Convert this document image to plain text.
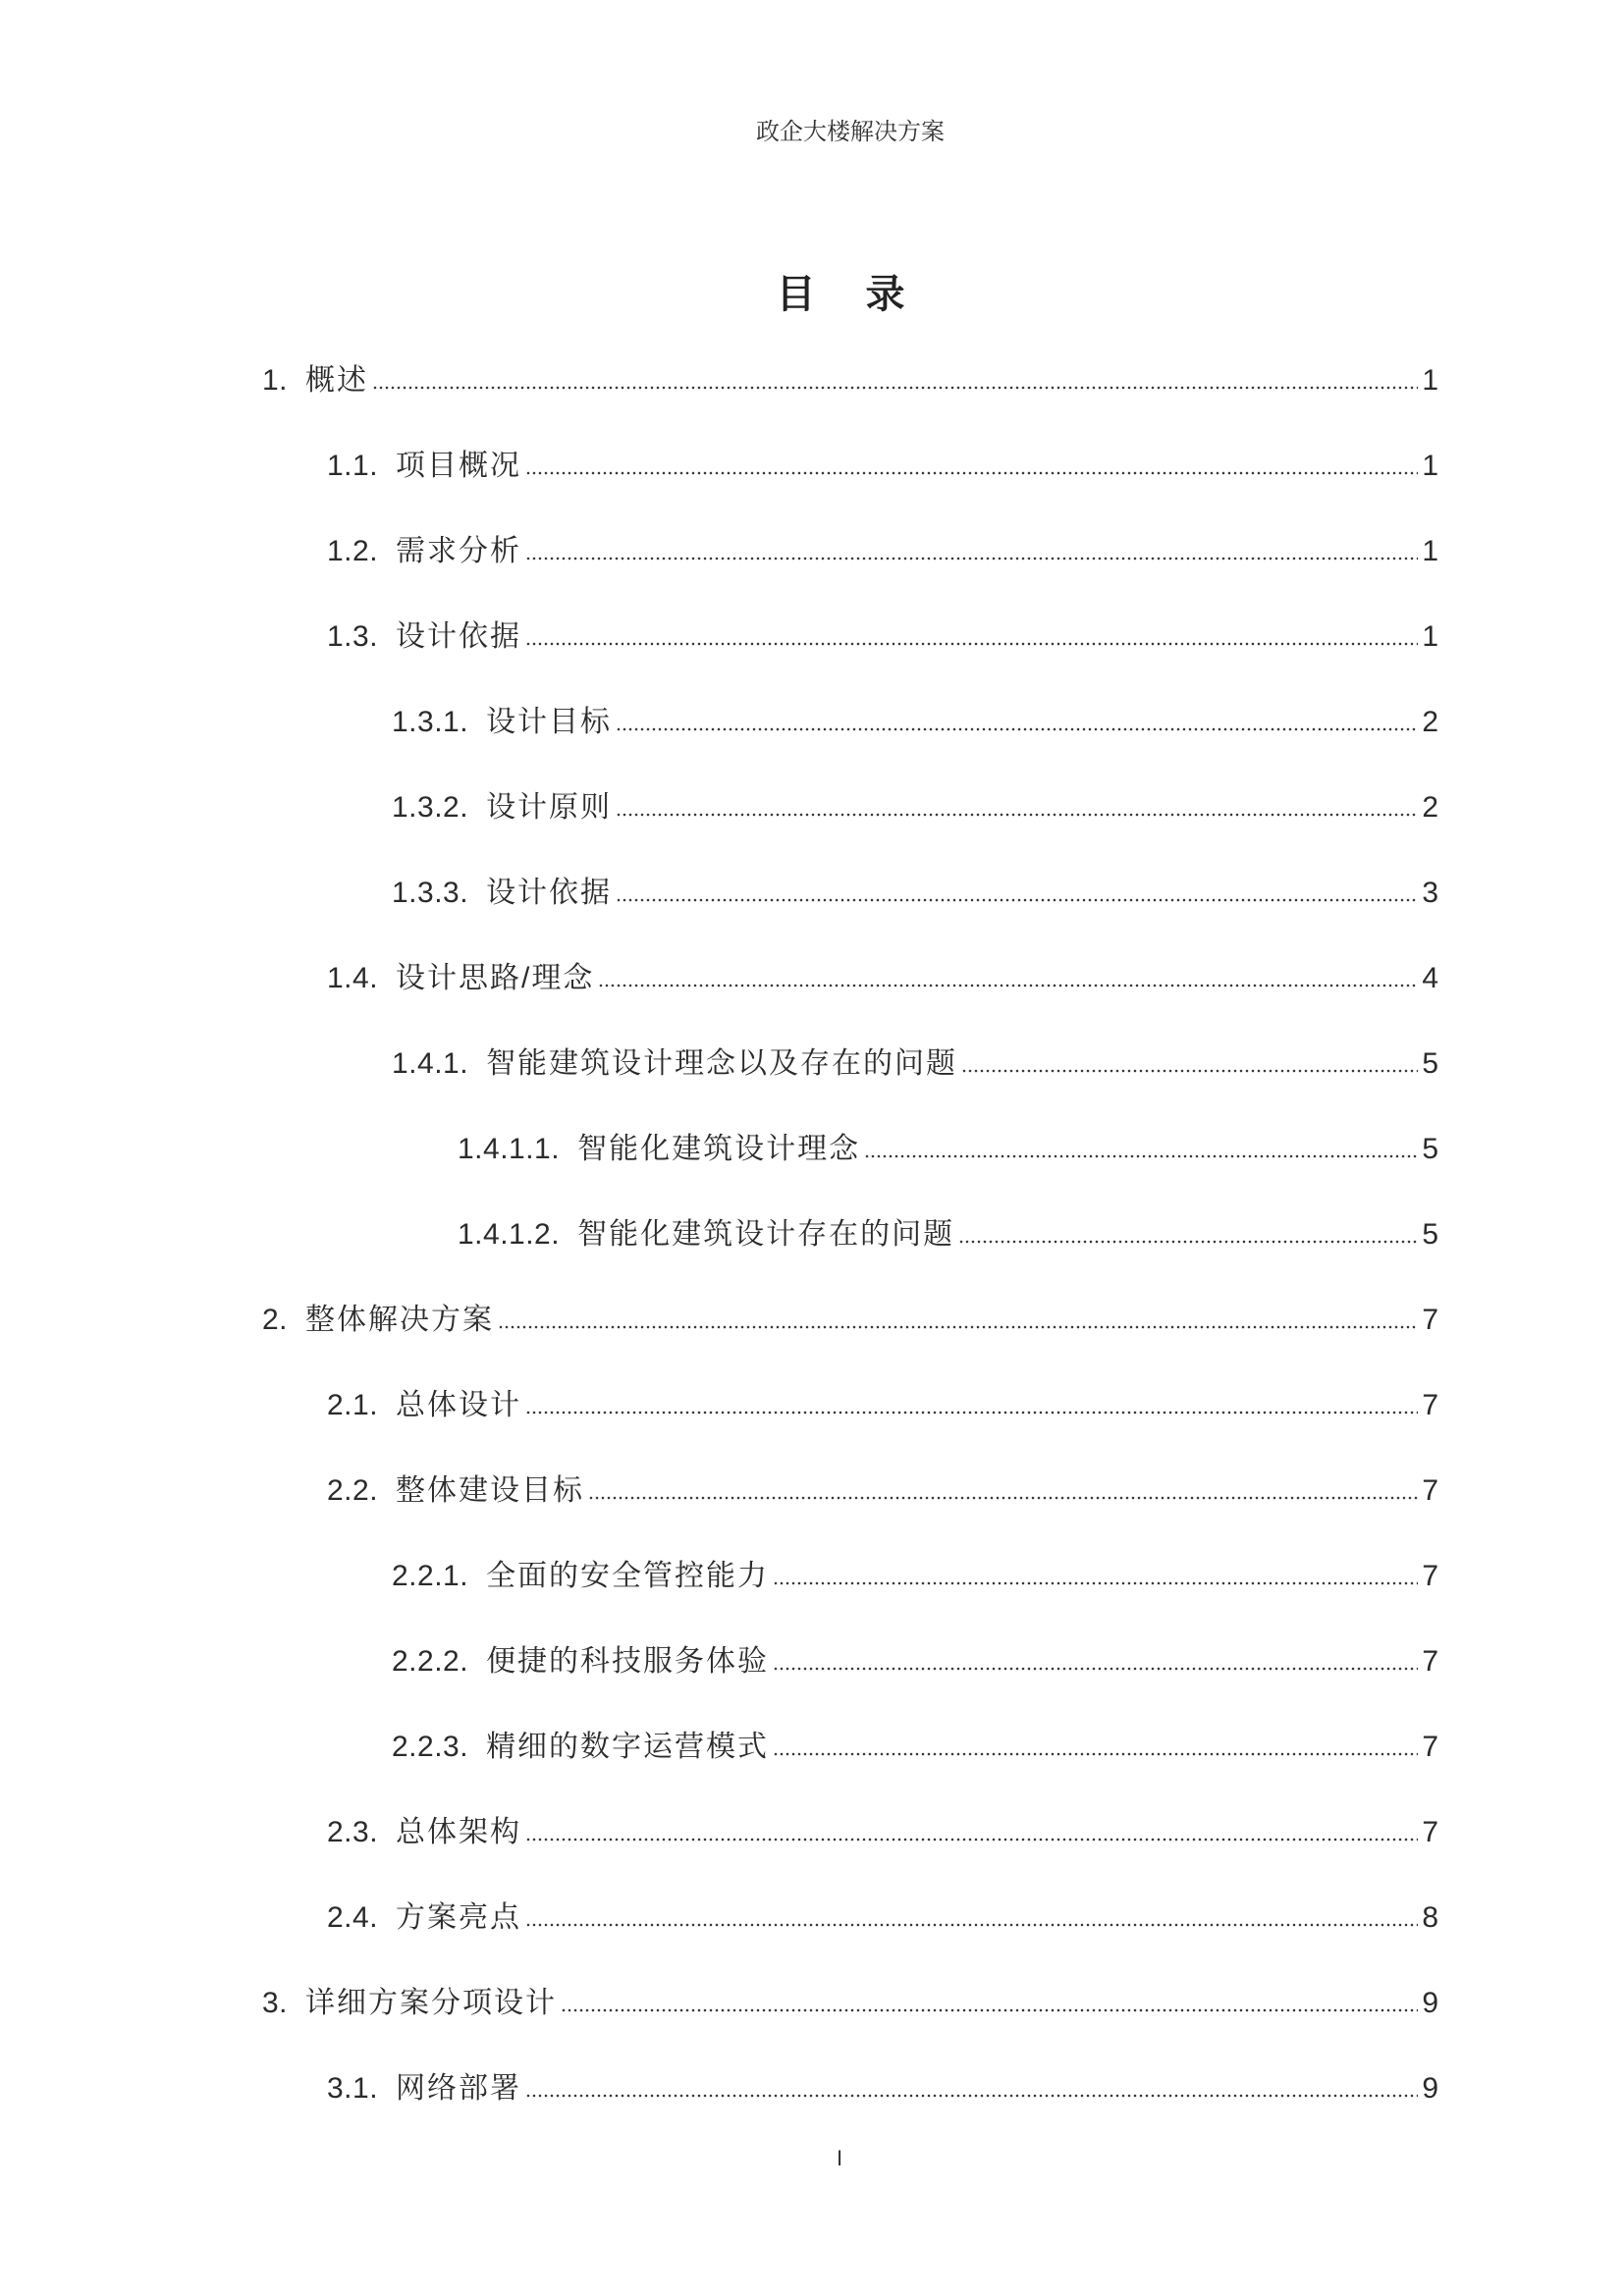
政企大楼解决方案
目 录
1. 概述	1
1.1. 项目概况	1
1.2. 需求分析	1
1.3. 设计依据	1
1.3.1. 设计目标	2
1.3.2. 设计原则	2
1.3.3. 设计依据	3
1.4. 设计思路/理念	4
1.4.1. 智能建筑设计理念以及存在的问题	5
1.4.1.1. 智能化建筑设计理念	5
1.4.1.2. 智能化建筑设计存在的问题	5
2. 整体解决方案	7
2.1. 总体设计	7
2.2. 整体建设目标	7
2.2.1. 全面的安全管控能力	7
2.2.2. 便捷的科技服务体验	7
2.2.3. 精细的数字运营模式	7
2.3. 总体架构	7
2.4. 方案亮点	8
3. 详细方案分项设计	9
3.1. 网络部署	9
I
